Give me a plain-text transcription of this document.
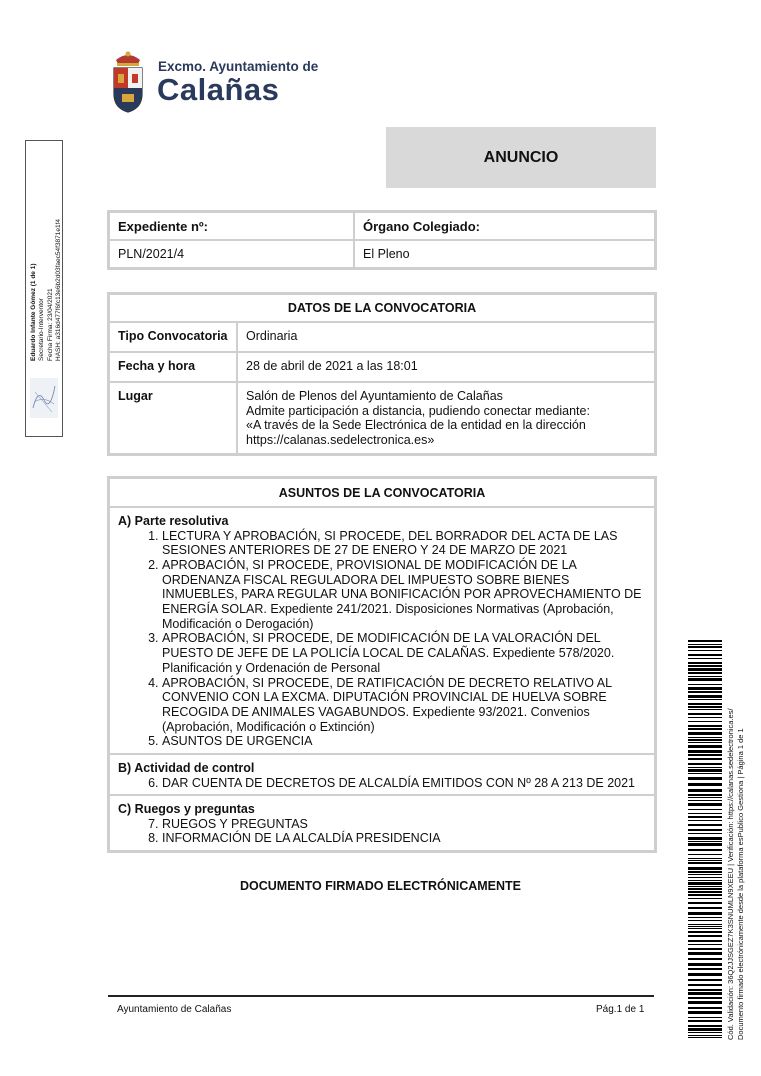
Excmo. Ayuntamiento de
Calañas
ANUNCIO
Expediente nº:	Órgano Colegiado:
PLN/2021/4	El Pleno
DATOS DE LA CONVOCATORIA	
Tipo Convocatoria	Ordinaria
Fecha y hora	28 de abril de 2021 a las 18:01
Lugar	Salón de Plenos del Ayuntamiento de Calañas
Admite participación a distancia, pudiendo conectar mediante:
«A través de la Sede Electrónica de la entidad en la dirección
https://calanas.sedelectronica.es»
ASUNTOS DE LA CONVOCATORIA
A) Parte resolutiva
1. LECTURA Y APROBACIÓN, SI PROCEDE, DEL BORRADOR DEL ACTA DE LAS SESIONES ANTERIORES DE 27 DE ENERO Y 24 DE MARZO DE 2021
2. APROBACIÓN, SI PROCEDE, PROVISIONAL DE MODIFICACIÓN DE LA ORDENANZA FISCAL REGULADORA DEL IMPUESTO SOBRE BIENES INMUEBLES, PARA REGULAR UNA BONIFICACIÓN POR APROVECHAMIENTO DE ENERGÍA SOLAR. Expediente 241/2021. Disposiciones Normativas (Aprobación, Modificación o Derogación)
3. APROBACIÓN, SI PROCEDE, DE MODIFICACIÓN DE LA VALORACIÓN DEL PUESTO DE JEFE DE LA POLICÍA LOCAL DE CALAÑAS. Expediente 578/2020. Planificación y Ordenación de Personal
4. APROBACIÓN, SI PROCEDE, DE RATIFICACIÓN DE DECRETO RELATIVO AL CONVENIO CON LA EXCMA. DIPUTACIÓN PROVINCIAL DE HUELVA SOBRE RECOGIDA DE ANIMALES VAGABUNDOS. Expediente 93/2021. Convenios (Aprobación, Modificación o Extinción)
5. ASUNTOS DE URGENCIA
B) Actividad de control
6. DAR CUENTA DE DECRETOS DE ALCALDÍA EMITIDOS CON Nº 28 A 213 DE 2021
C) Ruegos y preguntas
7. RUEGOS Y PREGUNTAS
8. INFORMACIÓN DE LA ALCALDÍA PRESIDENCIA
DOCUMENTO FIRMADO ELECTRÓNICAMENTE
Ayuntamiento de Calañas	Pág.1 de 1
Eduardo Infante Gómez (1 de 1) Secretario-Interventor Fecha Firma: 23/04/2021 HASH: a316d477f6fc13e6b2d03faec54f3871e1f4
Cód. Validación: 36Q2JJSGEZ7K3SNUMLN9XEEU | Verificación: https://calanas.sedelectronica.es/ Documento firmado electrónicamente desde la plataforma esPublico Gestiona | Página 1 de 1
